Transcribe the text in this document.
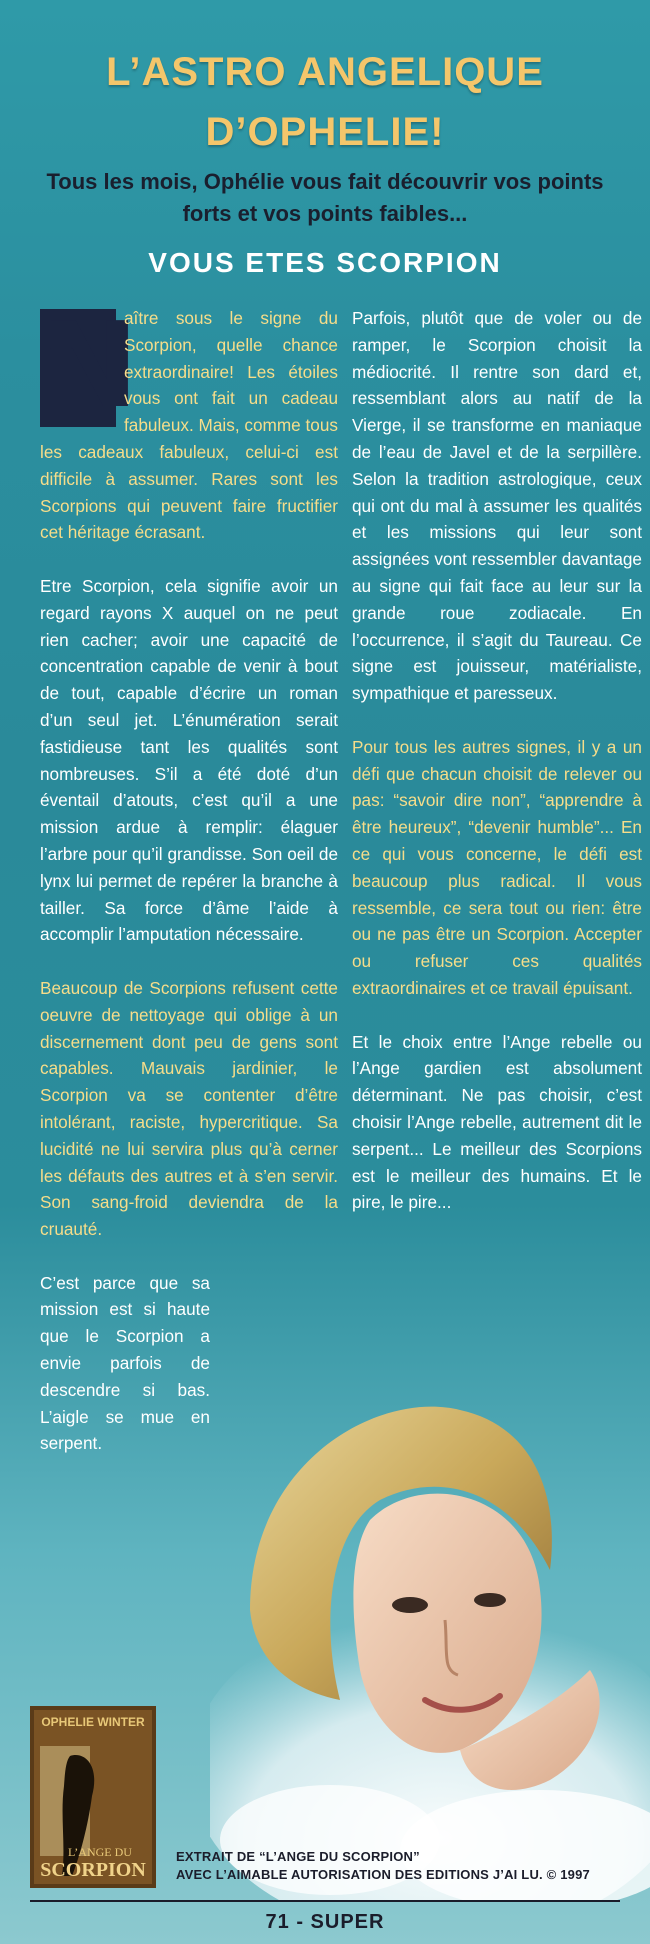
L’ASTRO ANGELIQUE
D’OPHELIE!
Tous les mois, Ophélie vous fait découvrir vos points forts et vos points faibles...
VOUS ETES SCORPION

N
aître sous le signe du Scorpion, quelle chance extraordinaire! Les étoiles vous ont fait un cadeau fabuleux. Mais, comme tous les cadeaux fabuleux, celui-ci est difficile à assumer. Rares sont les Scorpions qui peuvent faire fructifier cet héritage écrasant.

Etre Scorpion, cela signifie avoir un regard rayons X auquel on ne peut rien cacher; avoir une capacité de concentration capable de venir à bout de tout, capable d’écrire un roman d’un seul jet. L’énumération serait fastidieuse tant les qualités sont nombreuses. S’il a été doté d’un éventail d’atouts, c’est qu’il a une mission ardue à remplir: élaguer l’arbre pour qu’il grandisse. Son oeil de lynx lui permet de repérer la branche à tailler. Sa force d’âme l’aide à accomplir l’amputation nécessaire.

Beaucoup de Scorpions refusent cette oeuvre de nettoyage qui oblige à un discernement dont peu de gens sont capables. Mauvais jardinier, le Scorpion va se contenter d’être intolérant, raciste, hypercritique. Sa lucidité ne lui servira plus qu’à cerner les défauts des autres et à s’en servir. Son sang-froid deviendra de la cruauté.

C’est parce que sa mission est si haute que le Scorpion a envie parfois de descendre si bas. L’aigle se mue en serpent.

Parfois, plutôt que de voler ou de ramper, le Scorpion choisit la médiocrité. Il rentre son dard et, ressemblant alors au natif de la Vierge, il se transforme en maniaque de l’eau de Javel et de la serpillère. Selon la tradition astrologique, ceux qui ont du mal à assumer les qualités et les missions qui leur sont assignées vont ressembler davantage au signe qui fait face au leur sur la grande roue zodiacale. En l’occurrence, il s’agit du Taureau. Ce signe est jouisseur, matérialiste, sympathique et paresseux.

Pour tous les autres signes, il y a un défi que chacun choisit de relever ou pas: “savoir dire non”, “apprendre à être heureux”, “devenir humble”... En ce qui vous concerne, le défi est beaucoup plus radical. Il vous ressemble, ce sera tout ou rien: être ou ne pas être un Scorpion. Accepter ou refuser ces qualités extraordinaires et ce travail épuisant.

Et le choix entre l’Ange rebelle ou l’Ange gardien est absolument déterminant. Ne pas choisir, c’est choisir l’Ange rebelle, autrement dit le serpent... Le meilleur des Scorpions est le meilleur des humains. Et le pire, le pire...

OPHELIE WINTER
L’ANGE DU
SCORPION
EXTRAIT DE “L’ANGE DU SCORPION”
AVEC L’AIMABLE AUTORISATION DES EDITIONS J’AI LU. © 1997
71 - SUPER
